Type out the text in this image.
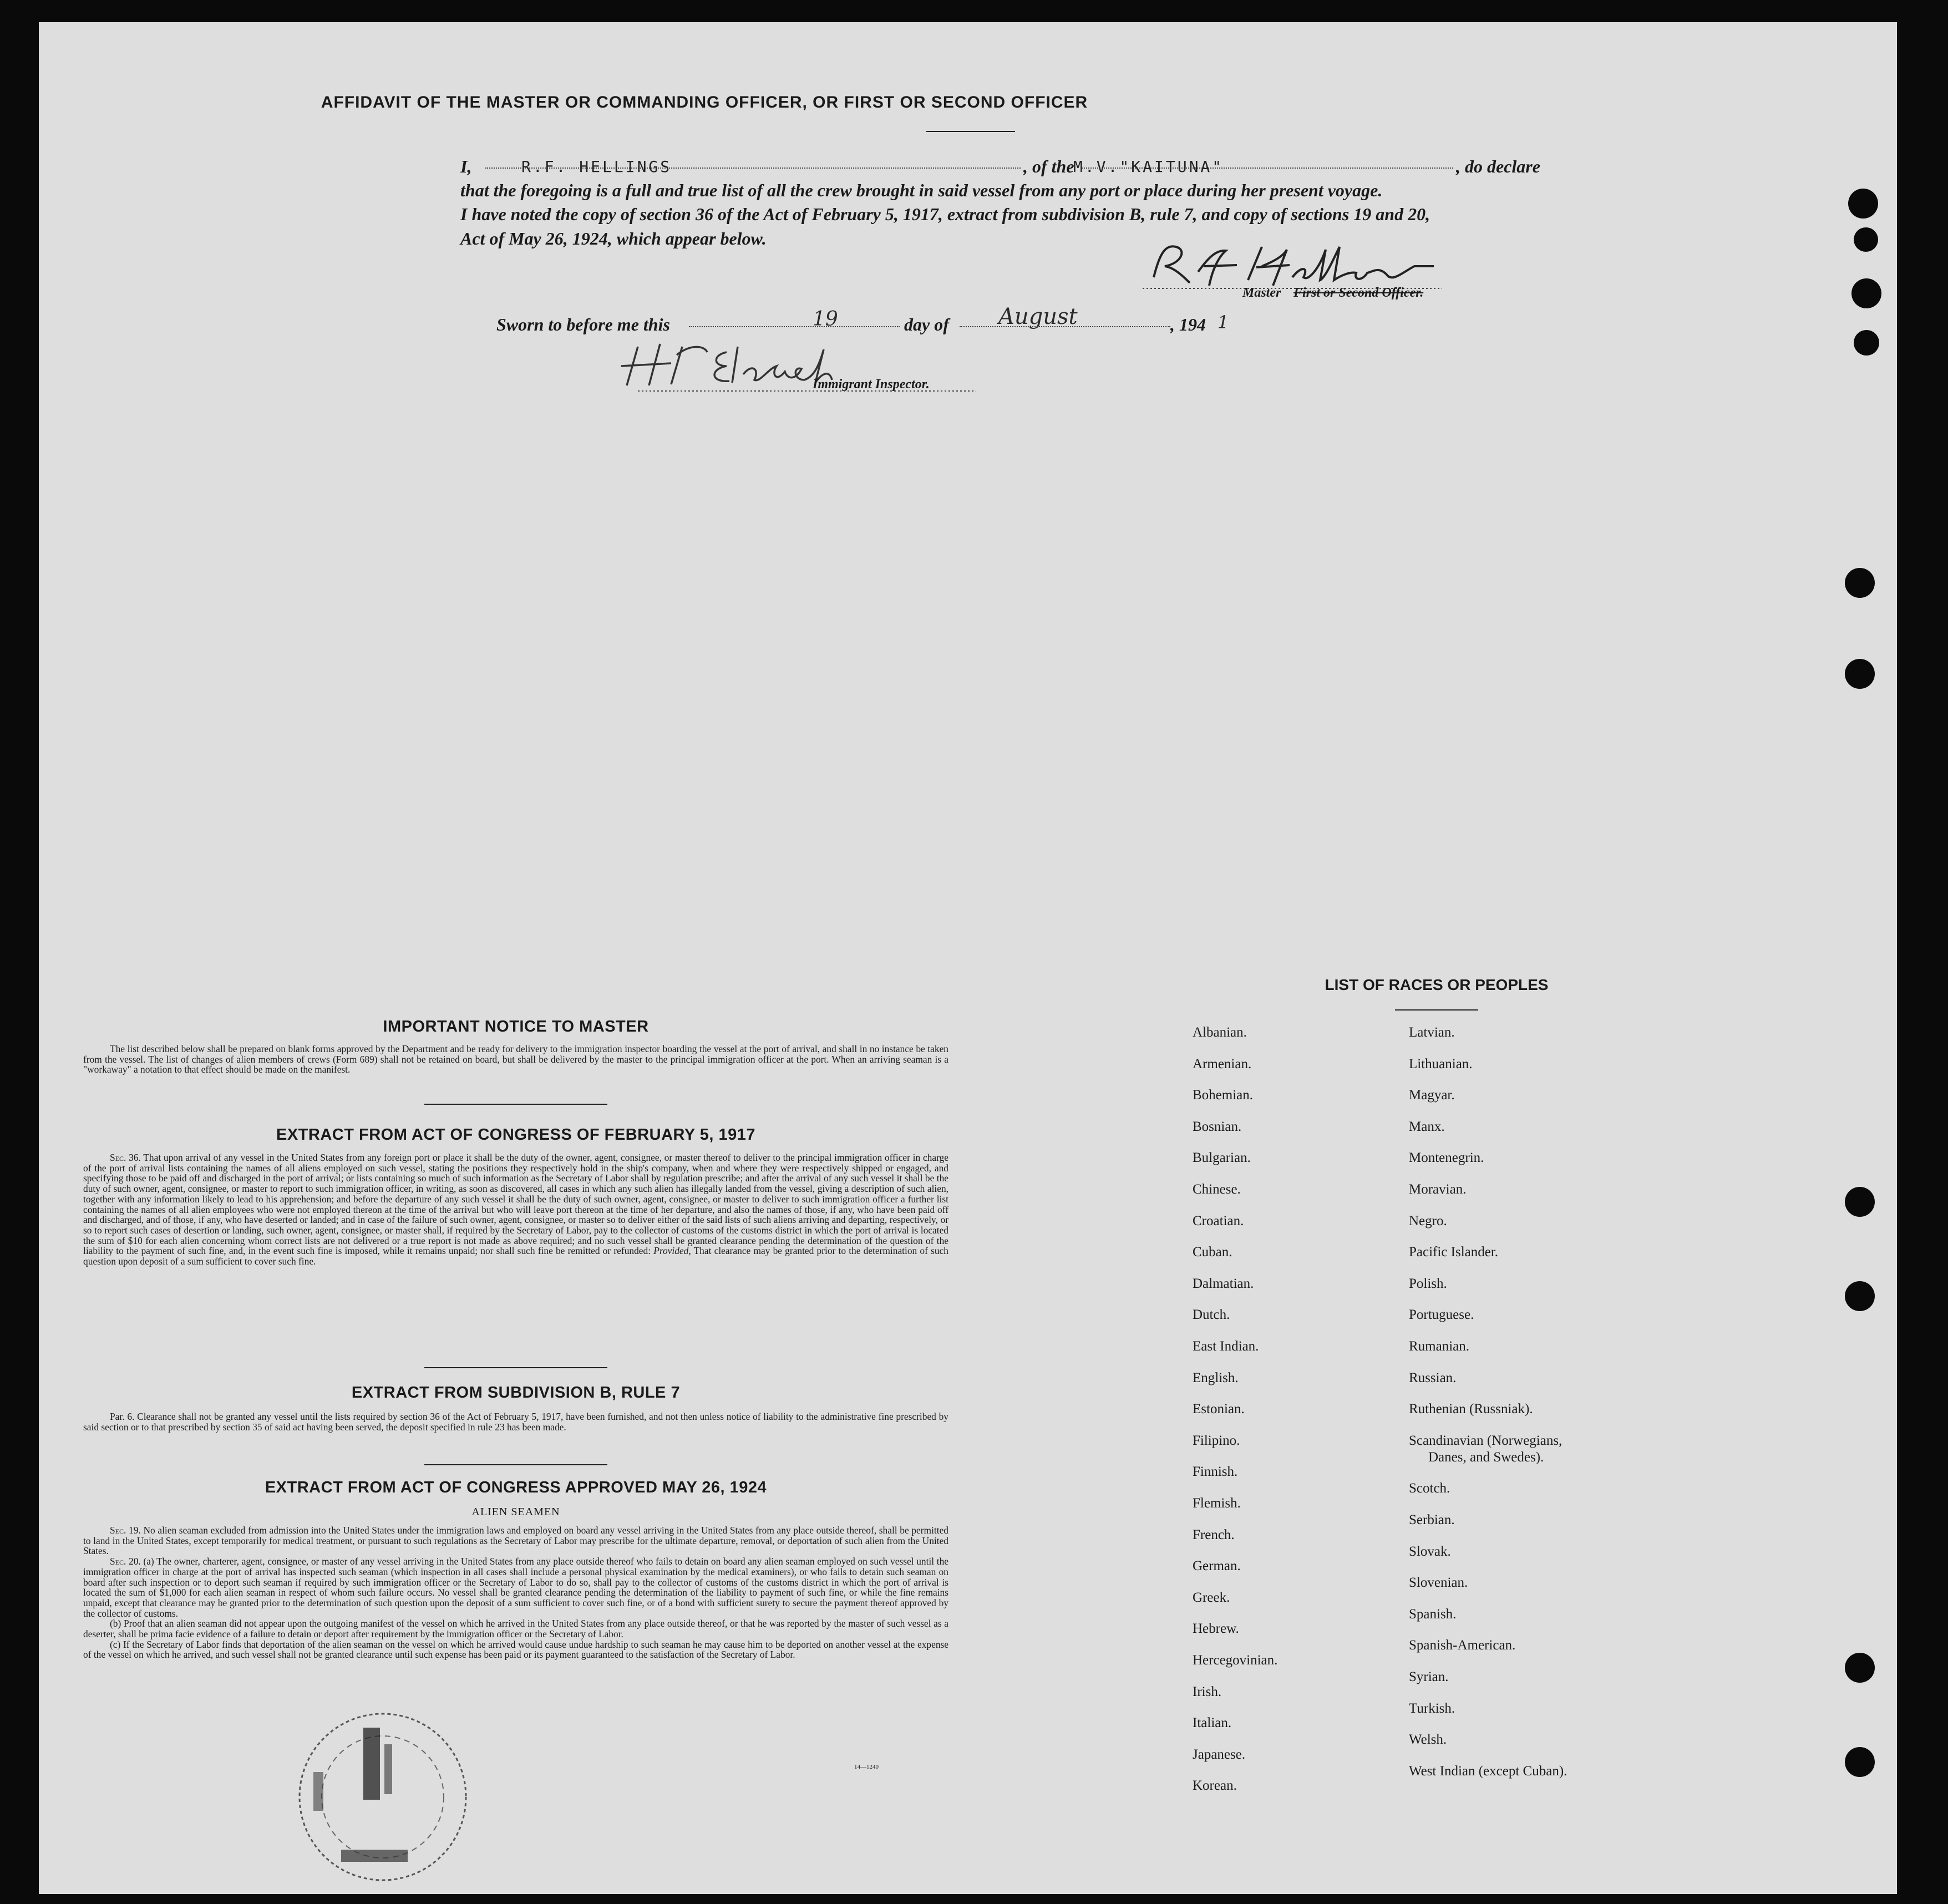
AFFIDAVIT OF THE MASTER OR COMMANDING OFFICER, OR FIRST OR SECOND OFFICER
I,	R.F. HELLINGS	, of the
M.V."KAITUNA"	, do declare
that the foregoing is a full and true list of all the crew brought in said vessel from any port or place during her present voyage.
I have noted the copy of section 36 of the Act of February 5, 1917, extract from subdivision B, rule 7, and copy of sections 19 and 20,
Act of May 26, 1924, which appear below.
Master First or Second Officer.
Sworn to before me this	19	day of August	, 194 1
Immigrant Inspector.
IMPORTANT NOTICE TO MASTER

The list described below shall be prepared on blank forms approved by the Department and be ready for delivery to the immigration inspector boarding the vessel at the port of arrival, and shall in no instance be taken from the vessel. The list of changes of alien members of crews (Form 689) shall not be retained on board, but shall be delivered by the master to the principal immigration officer at the port. When an arriving seaman is a "workaway" a notation to that effect should be made on the manifest.

EXTRACT FROM ACT OF CONGRESS OF FEBRUARY 5, 1917

Sec. 36. That upon arrival of any vessel in the United States from any foreign port or place it shall be the duty of the owner, agent, consignee, or master thereof to deliver to the principal immigration officer in charge of the port of arrival lists containing the names of all aliens employed on such vessel, stating the positions they respectively hold in the ship's company, when and where they were respectively shipped or engaged, and specifying those to be paid off and discharged in the port of arrival; or lists containing so much of such information as the Secretary of Labor shall by regulation prescribe; and after the arrival of any such vessel it shall be the duty of such owner, agent, consignee, or master to report to such immigration officer, in writing, as soon as discovered, all cases in which any such alien has illegally landed from the vessel, giving a description of such alien, together with any information likely to lead to his apprehension; and before the departure of any such vessel it shall be the duty of such owner, agent, consignee, or master to deliver to such immigration officer a further list containing the names of all alien employees who were not employed thereon at the time of the arrival but who will leave port thereon at the time of her departure, and also the names of those, if any, who have been paid off and discharged, and of those, if any, who have deserted or landed; and in case of the failure of such owner, agent, consignee, or master so to deliver either of the said lists of such aliens arriving and departing, respectively, or so to report such cases of desertion or landing, such owner, agent, consignee, or master shall, if required by the Secretary of Labor, pay to the collector of customs of the customs district in which the port of arrival is located the sum of $10 for each alien concerning whom correct lists are not delivered or a true report is not made as above required; and no such vessel shall be granted clearance pending the determination of the question of the liability to the payment of such fine, and, in the event such fine is imposed, while it remains unpaid; nor shall such fine be remitted or refunded: Provided, That clearance may be granted prior to the determination of such question upon deposit of a sum sufficient to cover such fine.

EXTRACT FROM SUBDIVISION B, RULE 7

Par. 6. Clearance shall not be granted any vessel until the lists required by section 36 of the Act of February 5, 1917, have been furnished, and not then unless notice of liability to the administrative fine prescribed by said section or to that prescribed by section 35 of said act having been served, the deposit specified in rule 23 has been made.

EXTRACT FROM ACT OF CONGRESS APPROVED MAY 26, 1924
ALIEN SEAMEN

Sec. 19. No alien seaman excluded from admission into the United States under the immigration laws and employed on board any vessel arriving in the United States from any place outside thereof, shall be permitted to land in the United States, except temporarily for medical treatment, or pursuant to such regulations as the Secretary of Labor may prescribe for the ultimate departure, removal, or deportation of such alien from the United States.

Sec. 20. (a) The owner, charterer, agent, consignee, or master of any vessel arriving in the United States from any place outside thereof who fails to detain on board any alien seaman employed on such vessel until the immigration officer in charge at the port of arrival has inspected such seaman (which inspection in all cases shall include a personal physical examination by the medical examiners), or who fails to detain such seaman on board after such inspection or to deport such seaman if required by such immigration officer or the Secretary of Labor to do so, shall pay to the collector of customs of the customs district in which the port of arrival is located the sum of $1,000 for each alien seaman in respect of whom such failure occurs. No vessel shall be granted clearance pending the determination of the liability to payment of such fine, or while the fine remains unpaid, except that clearance may be granted prior to the determination of such question upon the deposit of a sum sufficient to cover such fine, or of a bond with sufficient surety to secure the payment thereof approved by the collector of customs.

(b) Proof that an alien seaman did not appear upon the outgoing manifest of the vessel on which he arrived in the United States from any place outside thereof, or that he was reported by the master of such vessel as a deserter, shall be prima facie evidence of a failure to detain or deport after requirement by the immigration officer or the Secretary of Labor.

(c) If the Secretary of Labor finds that deportation of the alien seaman on the vessel on which he arrived would cause undue hardship to such seaman he may cause him to be deported on another vessel at the expense of the vessel on which he arrived, and such vessel shall not be granted clearance until such expense has been paid or its payment guaranteed to the satisfaction of the Secretary of Labor.

14—1240
LIST OF RACES OR PEOPLES
Albanian.
Armenian.
Bohemian.
Bosnian.
Bulgarian.
Chinese.
Croatian.
Cuban.
Dalmatian.
Dutch.
East Indian.
English.
Estonian.
Filipino.
Finnish.
Flemish.
French.
German.
Greek.
Hebrew.
Hercegovinian.
Irish.
Italian.
Japanese.
Korean.
Latvian.
Lithuanian.
Magyar.
Manx.
Montenegrin.
Moravian.
Negro.
Pacific Islander.
Polish.
Portuguese.
Rumanian.
Russian.
Ruthenian (Russniak).
Scandinavian (Norwegians,
Danes, and Swedes).
Scotch.
Serbian.
Slovak.
Slovenian.
Spanish.
Spanish-American.
Syrian.
Turkish.
Welsh.
West Indian (except Cuban).
